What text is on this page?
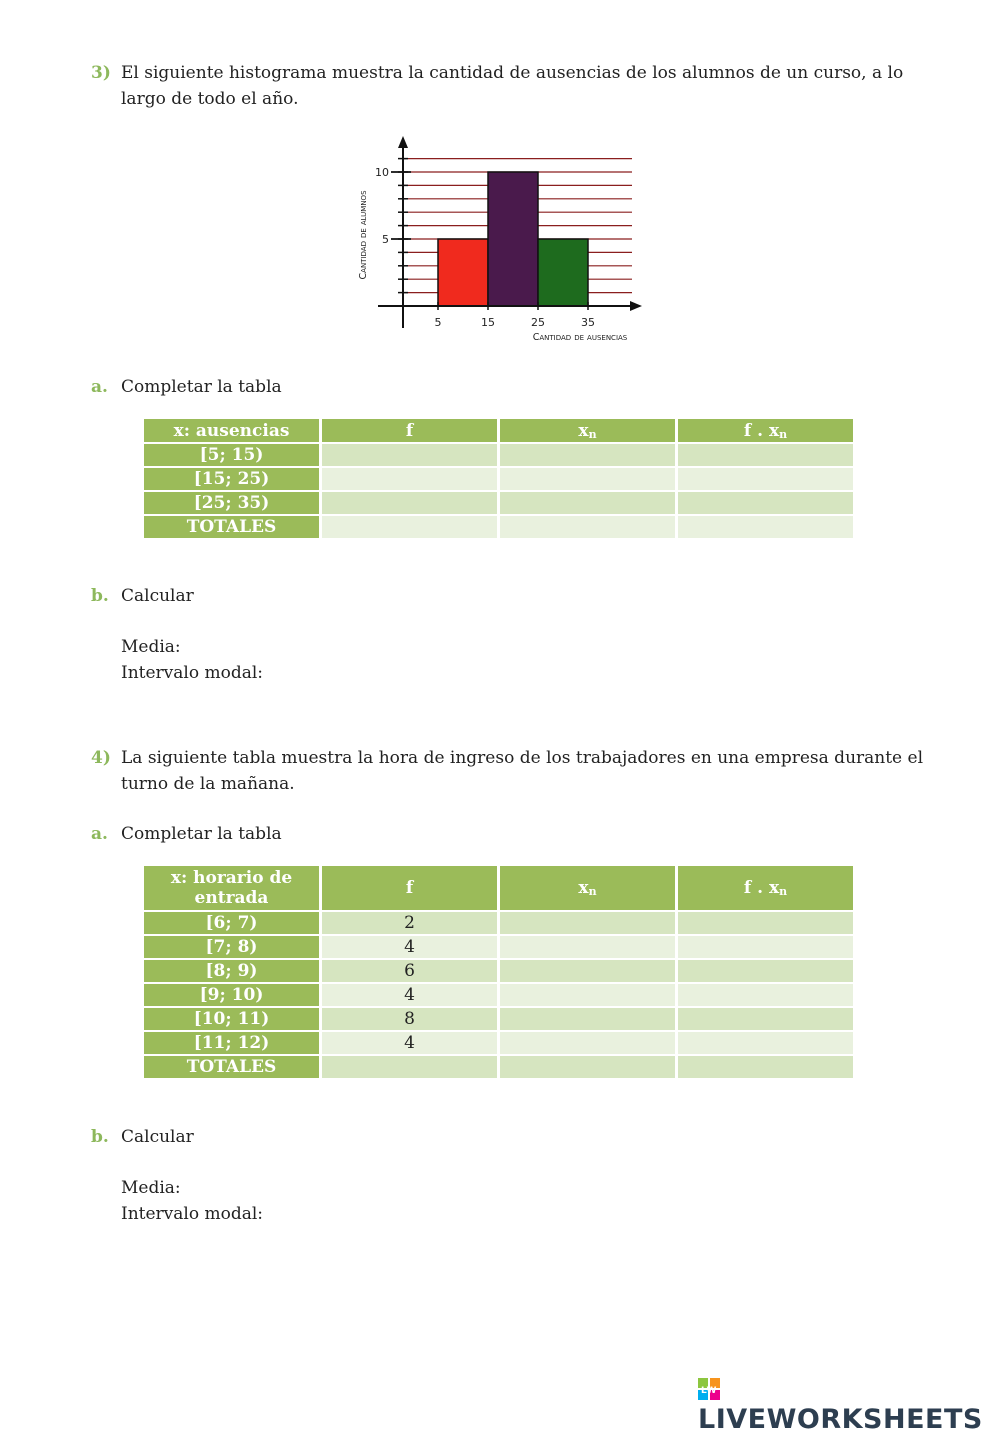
3) El siguiente histograma muestra la cantidad de ausencias de los alumnos de un curso, a lo
largo de todo el año.
5
10
5	15	25	35
Cantidad de ausencias
Cantidad de alumnos
a. Completar la tabla
x: ausencias	f	$x_n$	f . $x_n$
[5; 15)			
[15; 25)			
[25; 35)			
TOTALES			
b. Calcular
Media:
Intervalo modal:
4) La siguiente tabla muestra la hora de ingreso de los trabajadores en una empresa durante el
turno de la mañana.
a. Completar la tabla
x: horario de
entrada	f	$x_n$	f . $x_n$
[6; 7)	2		
[7; 8)	4		
[8; 9)	6		
[9; 10)	4		
[10; 11)	8		
[11; 12)	4		
TOTALES			
b. Calcular
Media:
Intervalo modal:
LW
LIVEWORKSHEETS
